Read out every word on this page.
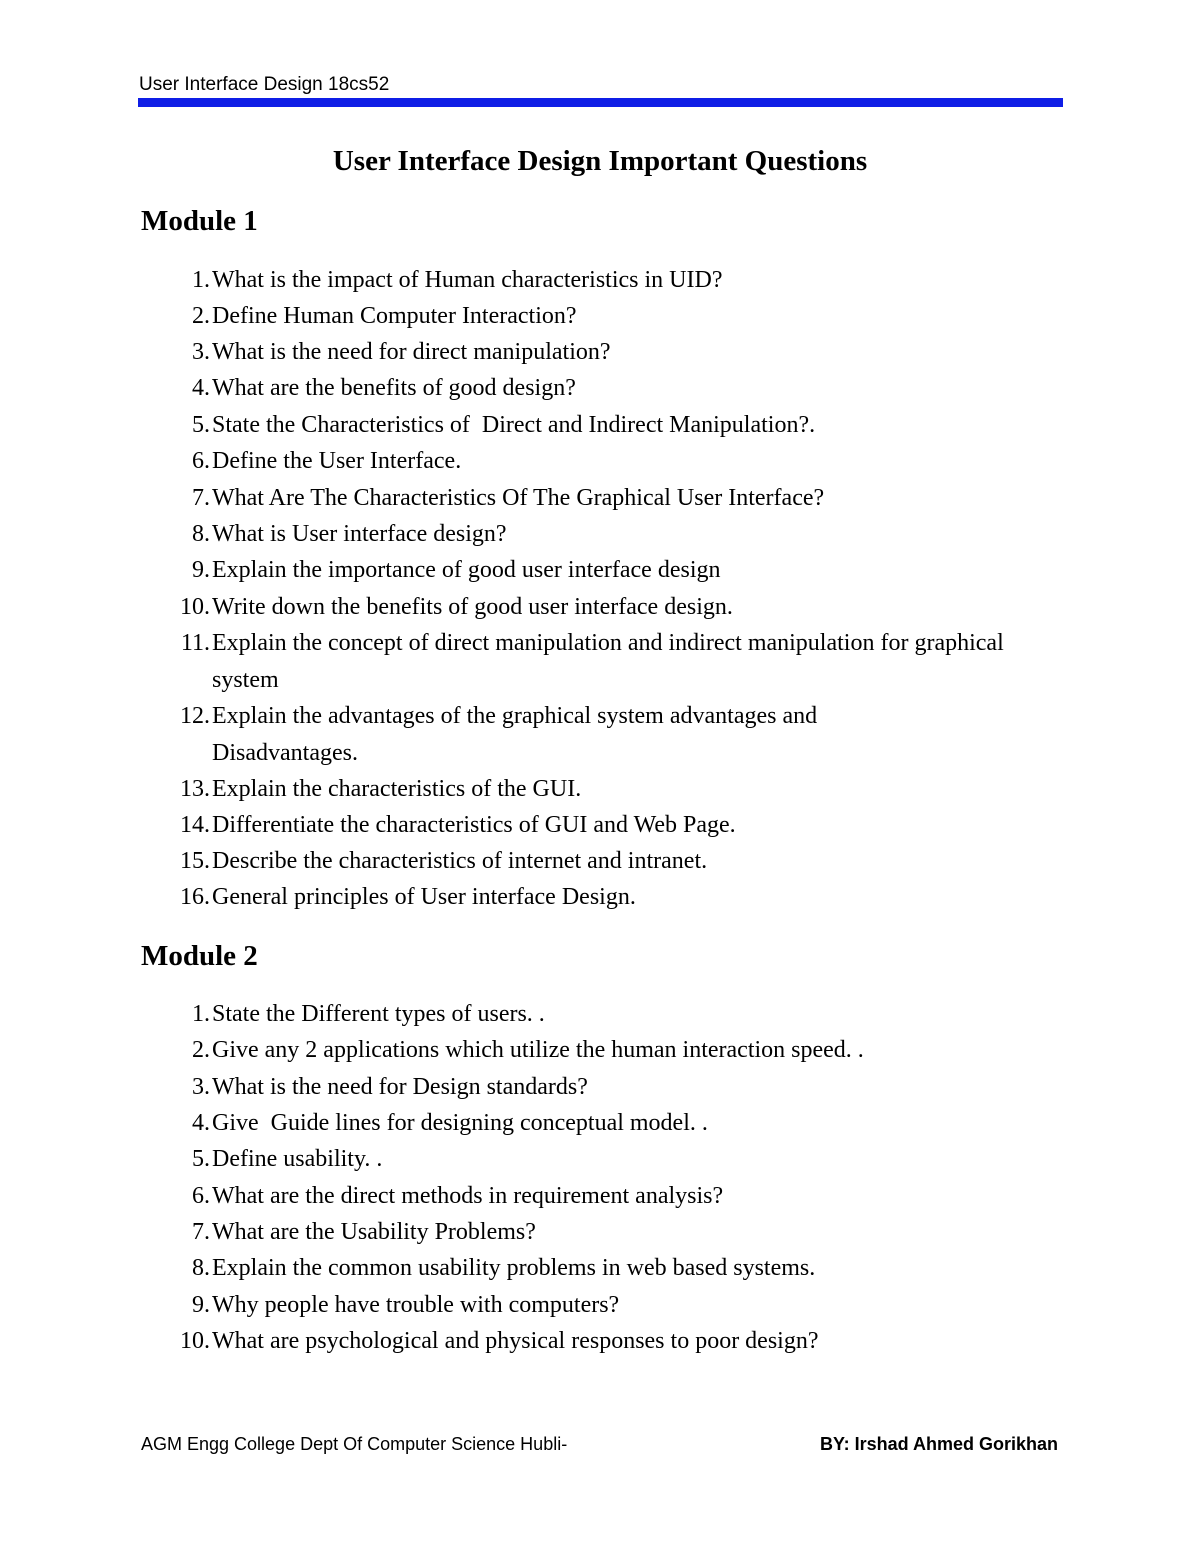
User Interface Design 18cs52
User Interface Design Important Questions
Module 1
1. What is the impact of Human characteristics in UID?
2. Define Human Computer Interaction?
3. What is the need for direct manipulation?
4. What are the benefits of good design?
5. State the Characteristics of  Direct and Indirect Manipulation?.
6. Define the User Interface.
7. What Are The Characteristics Of The Graphical User Interface?
8. What is User interface design?
9. Explain the importance of good user interface design
10. Write down the benefits of good user interface design.
11. Explain the concept of direct manipulation and indirect manipulation for graphical system
12. Explain the advantages of the graphical system advantages and Disadvantages.
13. Explain the characteristics of the GUI.
14. Differentiate the characteristics of GUI and Web Page.
15. Describe the characteristics of internet and intranet.
16. General principles of User interface Design.
Module 2
1. State the Different types of users. .
2. Give any 2 applications which utilize the human interaction speed. .
3. What is the need for Design standards?
4. Give  Guide lines for designing conceptual model. .
5. Define usability. .
6. What are the direct methods in requirement analysis?
7. What are the Usability Problems?
8. Explain the common usability problems in web based systems.
9. Why people have trouble with computers?
10. What are psychological and physical responses to poor design?
AGM Engg College Dept Of Computer Science Hubli-	BY: Irshad Ahmed Gorikhan
